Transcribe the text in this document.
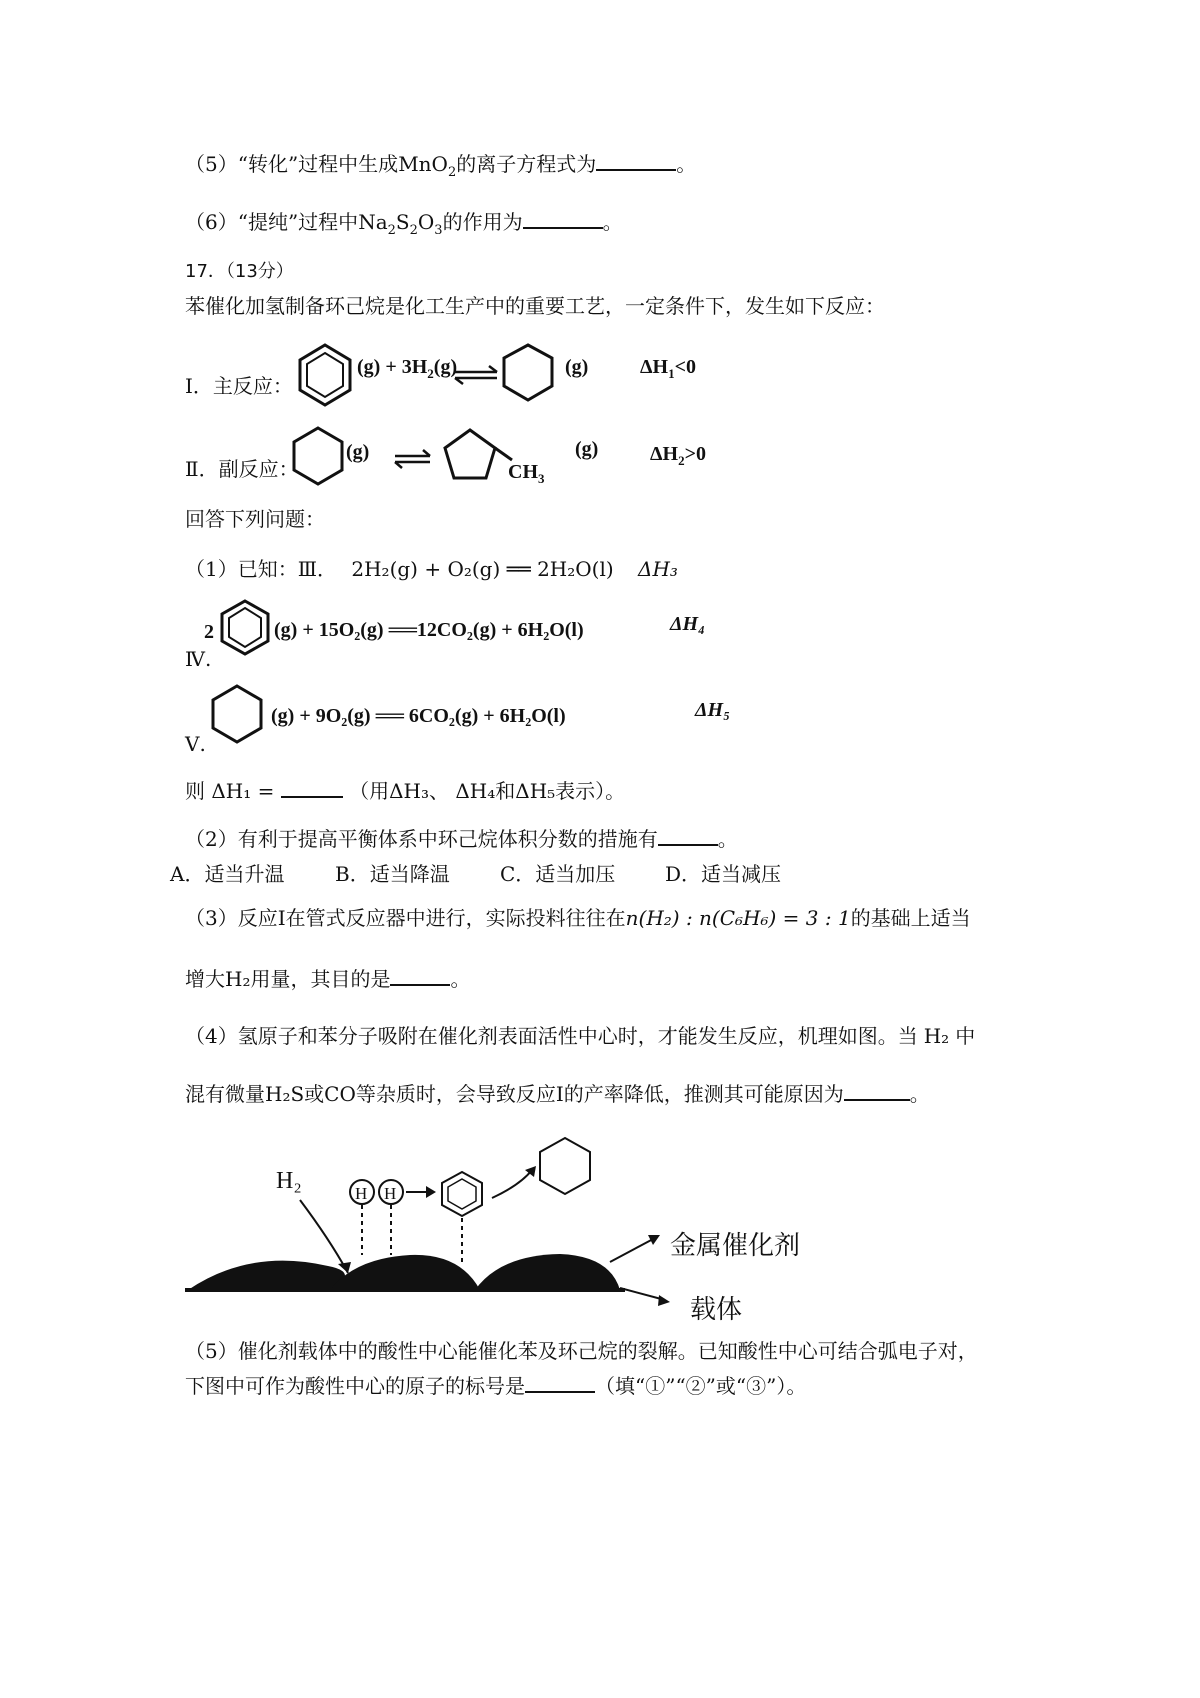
（5）“转化”过程中生成MnO$_2$的离子方程式为	。
（6）“提纯”过程中$Na_2S_2O_3$的作用为	。
17．（13分）
苯催化加氢制备环己烷是化工生产中的重要工艺，一定条件下，发生如下反应：
Ⅰ．主反应：
$(g) + 3H_2(g)$	(g)	$\Delta H_1<0$
Ⅱ．副反应：
(g)
$CH_3$
(g)	$\Delta H_2>0$
回答下列问题：
（1）已知：Ⅲ． 2H₂(g) + O₂(g) ══ 2H₂O(l) ΔH₃
Ⅳ.
2	(g) + 15O₂(g) ══12CO₂(g) + 6H₂O(l)	ΔH₄
Ⅴ.
(g) + 9O₂(g) ══ 6CO₂(g) + 6H₂O(l)	ΔH₅
则 ΔH₁ =	（用ΔH₃、 ΔH₄和ΔH₅表示）。
（2）有利于提高平衡体系中环己烷体积分数的措施有	。
A．适当升温	B．适当降温	C．适当加压 D．适当减压
（3）反应Ⅰ在管式反应器中进行，实际投料往往在n(H₂) : n(C₆H₆) = 3 : 1的基础上适当
增大H₂用量，其目的是	。
（4）氢原子和苯分子吸附在催化剂表面活性中心时，才能发生反应，机理如图。当 H₂ 中
混有微量H₂S或CO等杂质时，会导致反应Ⅰ的产率降低，推测其可能原因为	。
H₂	H H
金属催化剂
载体
（5）催化剂载体中的酸性中心能催化苯及环己烷的裂解。已知酸性中心可结合弧电子对，
下图中可作为酸性中心的原子的标号是	（填“①”“②”或“③”）。
